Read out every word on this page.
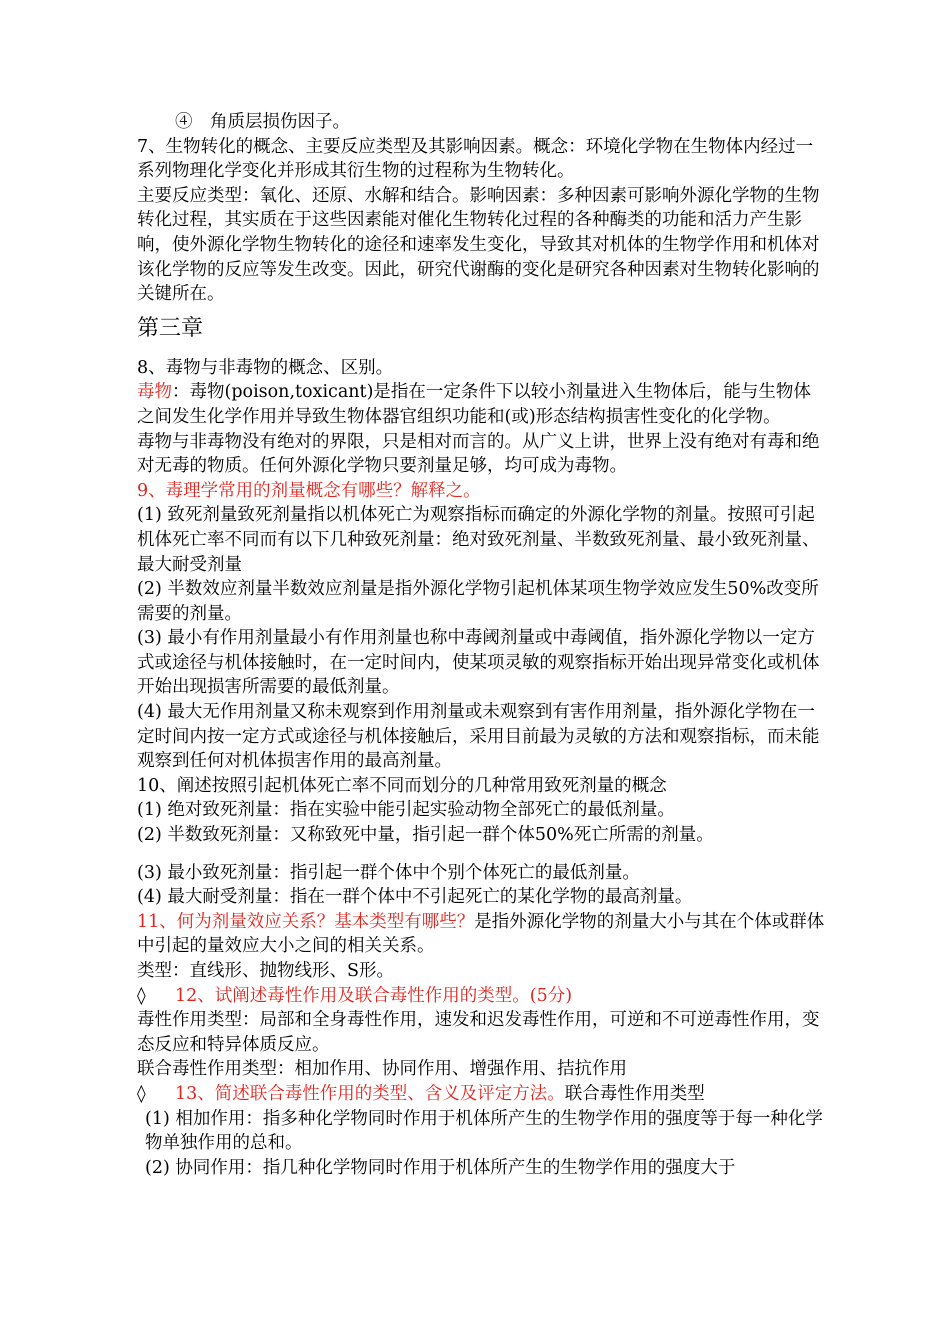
④　角质层损伤因子。

7、生物转化的概念、主要反应类型及其影响因素。概念：环境化学物在生物体内经过一系列物理化学变化并形成其衍生物的过程称为生物转化。

主要反应类型：氧化、还原、水解和结合。影响因素：多种因素可影响外源化学物的生物转化过程，其实质在于这些因素能对催化生物转化过程的各种酶类的功能和活力产生影响，使外源化学物生物转化的途径和速率发生变化，导致其对机体的生物学作用和机体对该化学物的反应等发生改变。因此，研究代谢酶的变化是研究各种因素对生物转化影响的关键所在。

第三章

8、毒物与非毒物的概念、区别。

毒物：毒物(poison,toxicant)是指在一定条件下以较小剂量进入生物体后，能与生物体之间发生化学作用并导致生物体器官组织功能和(或)形态结构损害性变化的化学物。

毒物与非毒物没有绝对的界限，只是相对而言的。从广义上讲，世界上没有绝对有毒和绝对无毒的物质。任何外源化学物只要剂量足够，均可成为毒物。

9、毒理学常用的剂量概念有哪些？解释之。

(1) 致死剂量致死剂量指以机体死亡为观察指标而确定的外源化学物的剂量。按照可引起机体死亡率不同而有以下几种致死剂量：绝对致死剂量、半数致死剂量、最小致死剂量、最大耐受剂量

(2) 半数效应剂量半数效应剂量是指外源化学物引起机体某项生物学效应发生50%改变所需要的剂量。

(3) 最小有作用剂量最小有作用剂量也称中毒阈剂量或中毒阈值，指外源化学物以一定方式或途径与机体接触时，在一定时间内，使某项灵敏的观察指标开始出现异常变化或机体开始出现损害所需要的最低剂量。

(4) 最大无作用剂量又称未观察到作用剂量或未观察到有害作用剂量，指外源化学物在一定时间内按一定方式或途径与机体接触后，采用目前最为灵敏的方法和观察指标，而未能观察到任何对机体损害作用的最高剂量。

10、阐述按照引起机体死亡率不同而划分的几种常用致死剂量的概念

(1) 绝对致死剂量：指在实验中能引起实验动物全部死亡的最低剂量。

(2) 半数致死剂量：又称致死中量，指引起一群个体50%死亡所需的剂量。

(3) 最小致死剂量：指引起一群个体中个别个体死亡的最低剂量。

(4) 最大耐受剂量：指在一群个体中不引起死亡的某化学物的最高剂量。

11、何为剂量效应关系？基本类型有哪些？是指外源化学物的剂量大小与其在个体或群体中引起的量效应大小之间的相关关系。

类型：直线形、抛物线形、S形。

◊ 12、试阐述毒性作用及联合毒性作用的类型。(5分)

毒性作用类型：局部和全身毒性作用，速发和迟发毒性作用，可逆和不可逆毒性作用，变态反应和特异体质反应。

联合毒性作用类型：相加作用、协同作用、增强作用、拮抗作用

◊ 13、简述联合毒性作用的类型、含义及评定方法。联合毒性作用类型

(1) 相加作用：指多种化学物同时作用于机体所产生的生物学作用的强度等于每一种化学物单独作用的总和。

(2) 协同作用：指几种化学物同时作用于机体所产生的生物学作用的强度大于
